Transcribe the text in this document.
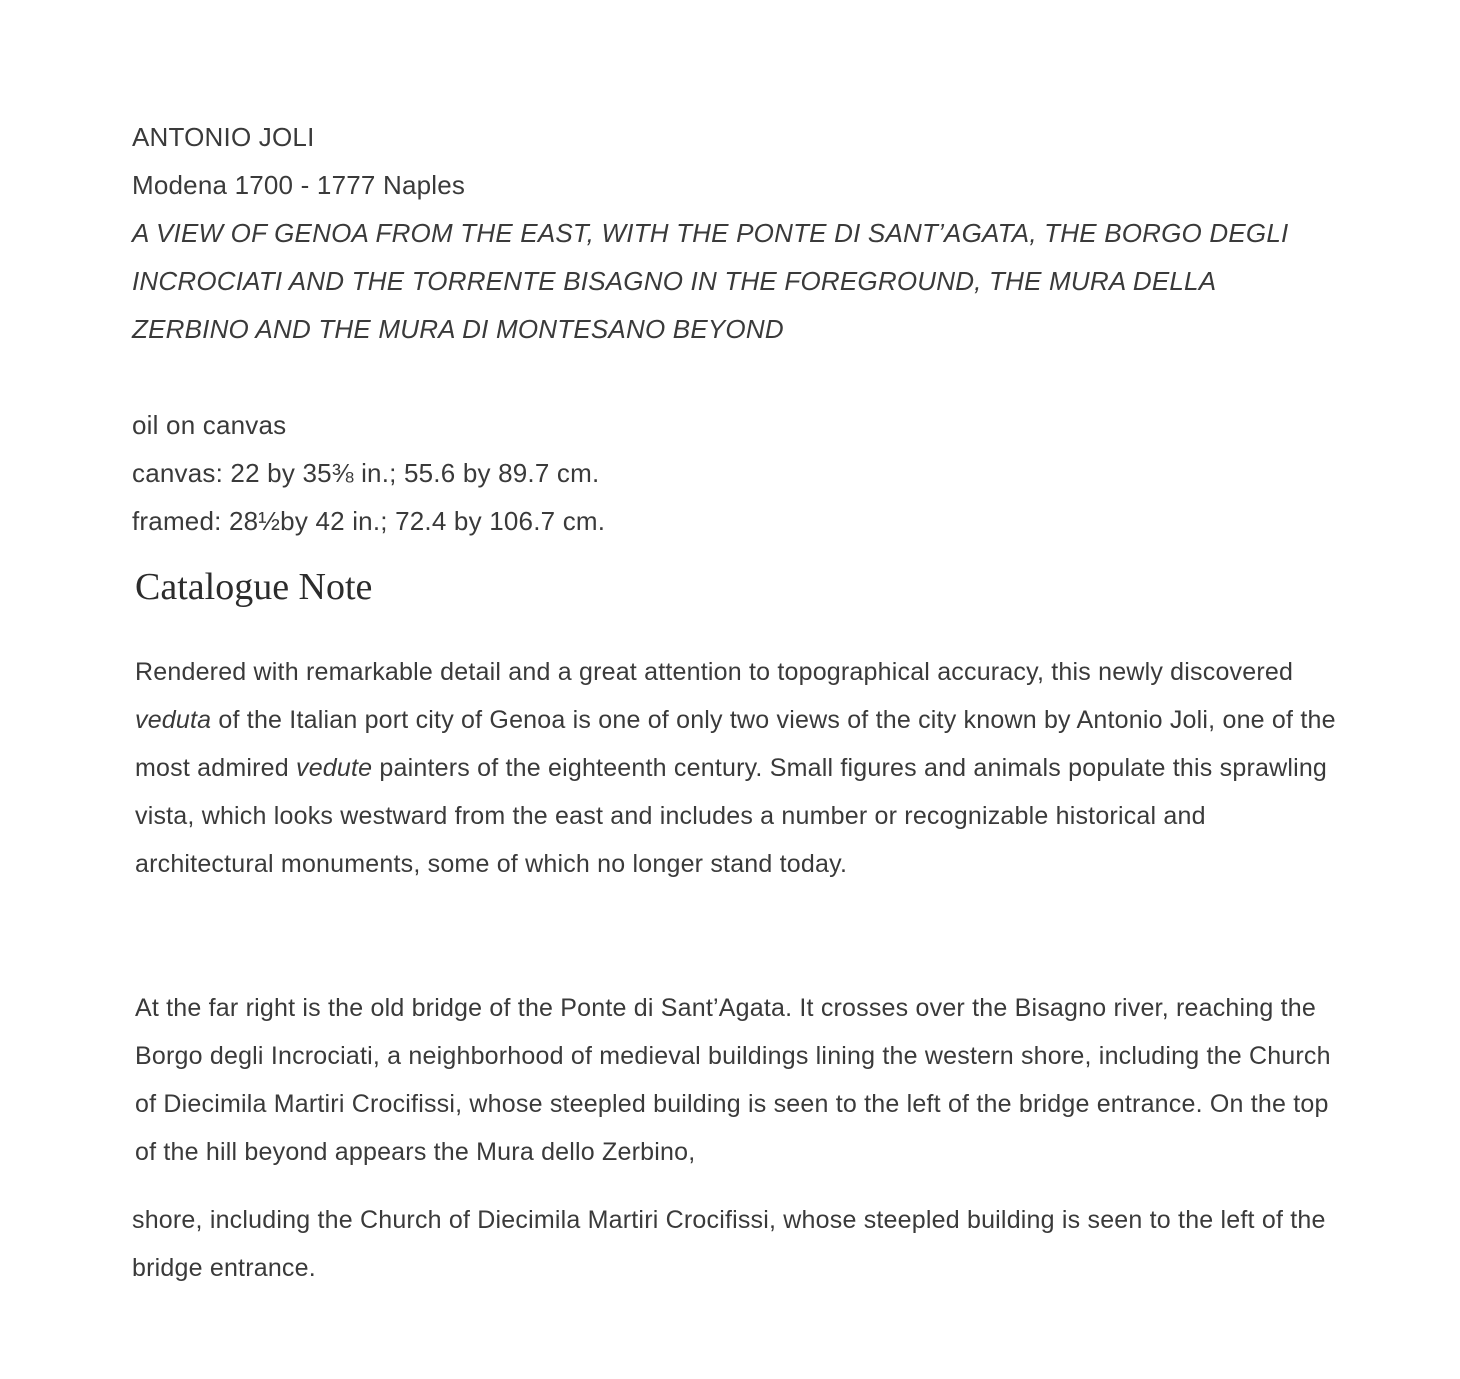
ANTONIO JOLI
Modena 1700 - 1777 Naples
A VIEW OF GENOA FROM THE EAST, WITH THE PONTE DI SANT’AGATA, THE BORGO DEGLI INCROCIATI AND THE TORRENTE BISAGNO IN THE FOREGROUND, THE MURA DELLA ZERBINO AND THE MURA DI MONTESANO BEYOND
oil on canvas
canvas: 22 by 35⅜ in.; 55.6 by 89.7 cm.
framed: 28½by 42 in.; 72.4 by 106.7 cm.
Catalogue Note

Rendered with remarkable detail and a great attention to topographical accuracy, this newly discovered veduta of the Italian port city of Genoa is one of only two views of the city known by Antonio Joli, one of the most admired vedute painters of the eighteenth century. Small figures and animals populate this sprawling vista, which looks westward from the east and includes a number or recognizable historical and architectural monuments, some of which no longer stand today.

At the far right is the old bridge of the Ponte di Sant’Agata. It crosses over the Bisagno river, reaching the Borgo degli Incrociati, a neighborhood of medieval buildings lining the western shore, including the Church of Diecimila Martiri Crocifissi, whose steepled building is seen to the left of the bridge entrance. On the top of the hill beyond appears the Mura dello Zerbino,

shore, including the Church of Diecimila Martiri Crocifissi, whose steepled building is seen to the left of the bridge entrance.
